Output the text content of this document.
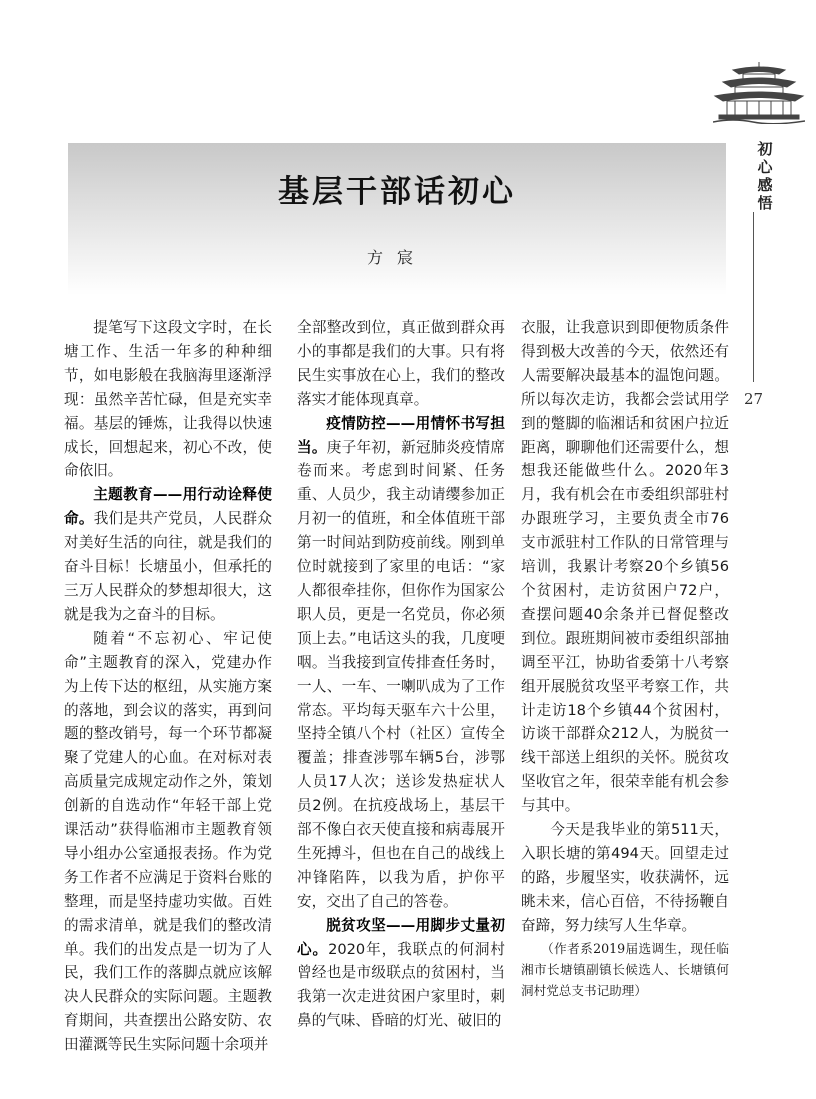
初
心
感
悟
27
基层干部话初心
方宸

提笔写下这段文字时，在长塘工作、生活一年多的种种细节，如电影般在我脑海里逐渐浮现：虽然辛苦忙碌，但是充实幸福。基层的锤炼，让我得以快速成长，回想起来，初心不改，使命依旧。

主题教育——用行动诠释使命。我们是共产党员，人民群众对美好生活的向往，就是我们的奋斗目标！长塘虽小，但承托的三万人民群众的梦想却很大，这就是我为之奋斗的目标。

随着“不忘初心、牢记使命”主题教育的深入，党建办作为上传下达的枢纽，从实施方案的落地，到会议的落实，再到问题的整改销号，每一个环节都凝聚了党建人的心血。在对标对表高质量完成规定动作之外，策划创新的自选动作“年轻干部上党课活动”获得临湘市主题教育领导小组办公室通报表扬。作为党务工作者不应满足于资料台账的整理，而是坚持虚功实做。百姓的需求清单，就是我们的整改清单。我们的出发点是一切为了人民，我们工作的落脚点就应该解决人民群众的实际问题。主题教育期间，共查摆出公路安防、农田灌溉等民生实际问题十余项并

全部整改到位，真正做到群众再小的事都是我们的大事。只有将民生实事放在心上，我们的整改落实才能体现真章。

疫情防控——用情怀书写担当。庚子年初，新冠肺炎疫情席卷而来。考虑到时间紧、任务重、人员少，我主动请缨参加正月初一的值班，和全体值班干部第一时间站到防疫前线。刚到单位时就接到了家里的电话：“家人都很牵挂你，但你作为国家公职人员，更是一名党员，你必须顶上去。”电话这头的我，几度哽咽。当我接到宣传排查任务时，一人、一车、一喇叭成为了工作常态。平均每天驱车六十公里，坚持全镇八个村（社区）宣传全覆盖；排查涉鄂车辆5台，涉鄂人员17人次；送诊发热症状人员2例。在抗疫战场上，基层干部不像白衣天使直接和病毒展开生死搏斗，但也在自己的战线上冲锋陷阵，以我为盾，护你平安，交出了自己的答卷。

脱贫攻坚——用脚步丈量初心。2020年，我联点的何洞村曾经也是市级联点的贫困村，当我第一次走进贫困户家里时，刺鼻的气味、昏暗的灯光、破旧的

衣服，让我意识到即便物质条件得到极大改善的今天，依然还有人需要解决最基本的温饱问题。所以每次走访，我都会尝试用学到的蹩脚的临湘话和贫困户拉近距离，聊聊他们还需要什么，想想我还能做些什么。2020年3月，我有机会在市委组织部驻村办跟班学习，主要负责全市76支市派驻村工作队的日常管理与培训，我累计考察20个乡镇56个贫困村，走访贫困户72户，查摆问题40余条并已督促整改到位。跟班期间被市委组织部抽调至平江，协助省委第十八考察组开展脱贫攻坚平考察工作，共计走访18个乡镇44个贫困村，访谈干部群众212人，为脱贫一线干部送上组织的关怀。脱贫攻坚收官之年，很荣幸能有机会参与其中。

今天是我毕业的第511天，入职长塘的第494天。回望走过的路，步履坚实，收获满怀，远眺未来，信心百倍，不待扬鞭自奋蹄，努力续写人生华章。

（作者系2019届选调生，现任临湘市长塘镇副镇长候选人、长塘镇何洞村党总支书记助理）
